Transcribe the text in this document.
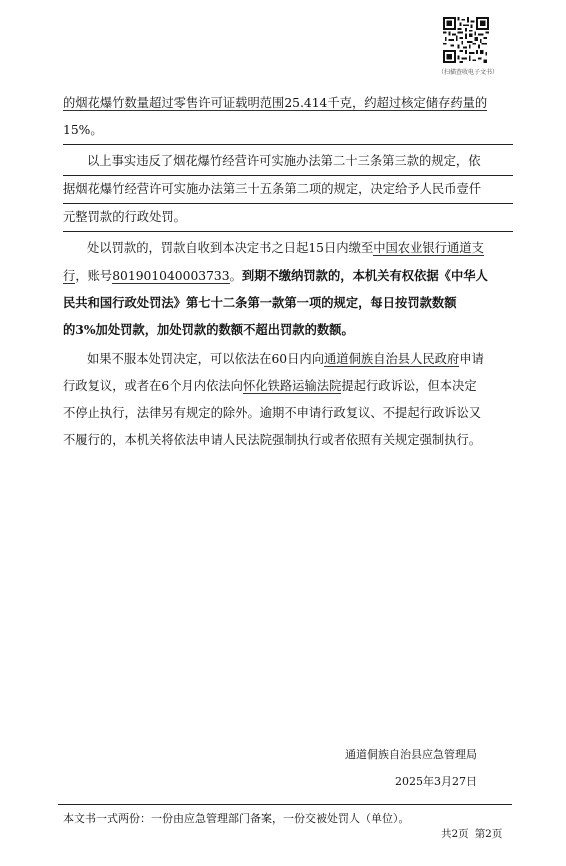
（扫描查收电子文书）
的烟花爆竹数量超过零售许可证载明范围25.414千克，约超过核定储存药量的
15%。
以上事实违反了烟花爆竹经营许可实施办法第二十三条第三款的规定，依
据烟花爆竹经营许可实施办法第三十五条第二项的规定，决定给予人民币壹仟
元整罚款的行政处罚。
处以罚款的，罚款自收到本决定书之日起15日内缴至中国农业银行通道支
行，账号801901040003733。到期不缴纳罚款的，本机关有权依据《中华人
民共和国行政处罚法》第七十二条第一款第一项的规定，每日按罚款数额
的3%加处罚款，加处罚款的数额不超出罚款的数额。
如果不服本处罚决定，可以依法在60日内向通道侗族自治县人民政府申请
行政复议，或者在6个月内依法向怀化铁路运输法院提起行政诉讼，但本决定
不停止执行，法律另有规定的除外。逾期不申请行政复议、不提起行政诉讼又
不履行的，本机关将依法申请人民法院强制执行或者依照有关规定强制执行。
通道侗族自治县应急管理局
2025年3月27日
本文书一式两份：一份由应急管理部门备案，一份交被处罚人（单位）。
共2页 第2页
